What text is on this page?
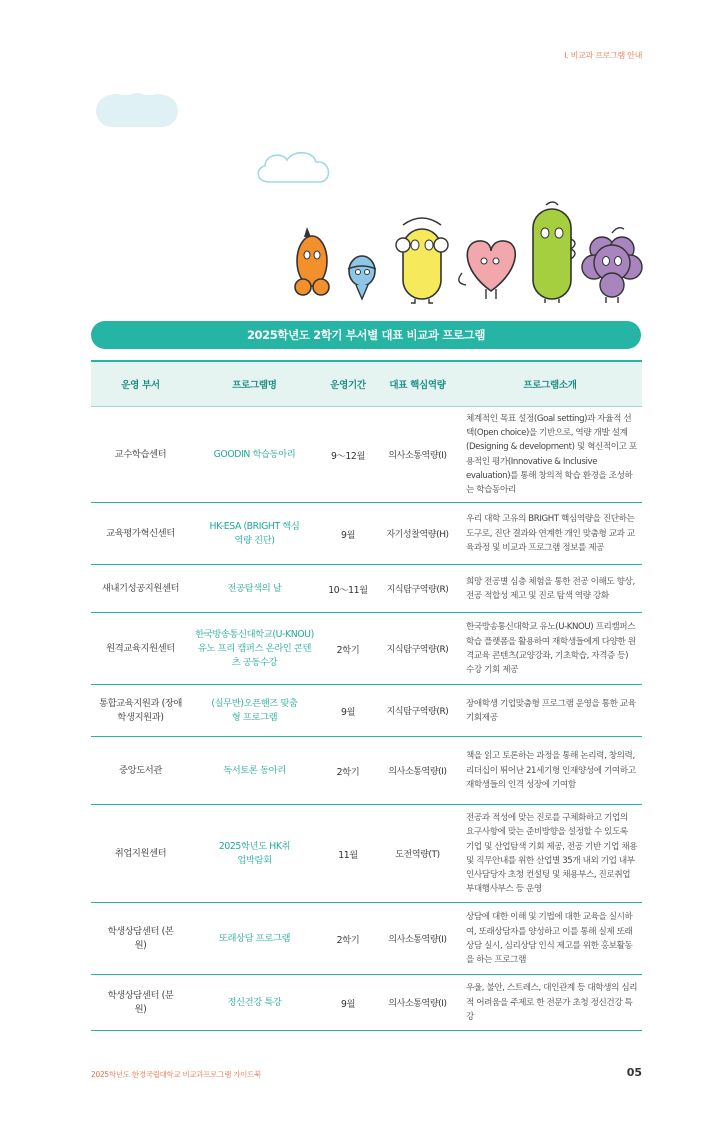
Ⅰ. 비교과 프로그램 안내
2025학년도 2학기 부서별 대표 비교과 프로그램
운영 부서	프로그램명	운영기간	대표 핵심역량	프로그램소개
교수학습센터	GOODIN 학습동아리	9～12월	의사소통역량(I)	체계적인 목표 설정(Goal setting)과 자율적 선택(Open choice)을 기반으로, 역량 개발 설계(Designing & development) 및 혁신적이고 포용적인 평가(Innovative & Inclusive evaluation)를 통해 창의적 학습 환경을 조성하는 학습동아리
교육평가혁신센터	HK-ESA (BRIGHT 핵심역량 진단)	9월	자기성찰역량(H)	우리 대학 고유의 BRIGHT 핵심역량을 진단하는 도구로, 진단 결과와 연계한 개인 맞춤형 교과 교육과정 및 비교과 프로그램 정보를 제공
새내기성공지원센터	전공탐색의 날	10～11월	지식탐구역량(R)	희망 전공별 심층 체험을 통한 전공 이해도 향상, 전공 적합성 제고 및 진로 탐색 역량 강화
원격교육지원센터	한국방송통신대학교(U-KNOU) 유노 프리 캠퍼스 온라인 콘텐츠 공동수강	2학기	지식탐구역량(R)	한국방송통신대학교 유노(U-KNOU) 프리캠퍼스 학습 플랫폼을 활용하여 재학생들에게 다양한 원격교육 콘텐츠(교양강좌, 기초학습, 자격증 등) 수강 기회 제공
통합교육지원과 (장애학생지원과)	(실무반)오픈핸즈 맞춤형 프로그램	9월	지식탐구역량(R)	장애학생 기업맞춤형 프로그램 운영을 통한 교육 기회제공
중앙도서관	독서토론 동아리	2학기	의사소통역량(I)	책을 읽고 토론하는 과정을 통해 논리력, 창의력, 리더십이 뛰어난 21세기형 인재양성에 기여하고 재학생들의 인격 성장에 기여함
취업지원센터	2025학년도 HK취업박람회	11월	도전역량(T)	전공과 적성에 맞는 진로를 구체화하고 기업의 요구사항에 맞는 준비방향을 설정할 수 있도록 기업 및 산업탐색 기회 제공, 전공 기반 기업 채용 및 직무안내를 위한 산업별 35개 내외 기업 내부 인사담당자 초청 컨설팅 및 채용부스, 진로취업 부대행사부스 등 운영
학생상담센터 (본원)	또래상담 프로그램	2학기	의사소통역량(I)	상담에 대한 이해 및 기법에 대한 교육을 실시하여, 또래상담자를 양성하고 이를 통해 실제 또래상담 실시, 심리상담 인식 제고를 위한 홍보활동을 하는 프로그램
학생상담센터 (분원)	정신건강 특강	9월	의사소통역량(I)	우울, 불안, 스트레스, 대인관계 등 대학생의 심리적 어려움을 주제로 한 전문가 초청 정신건강 특강
2025학년도 한경국립대학교 비교과프로그램 가이드북	05
